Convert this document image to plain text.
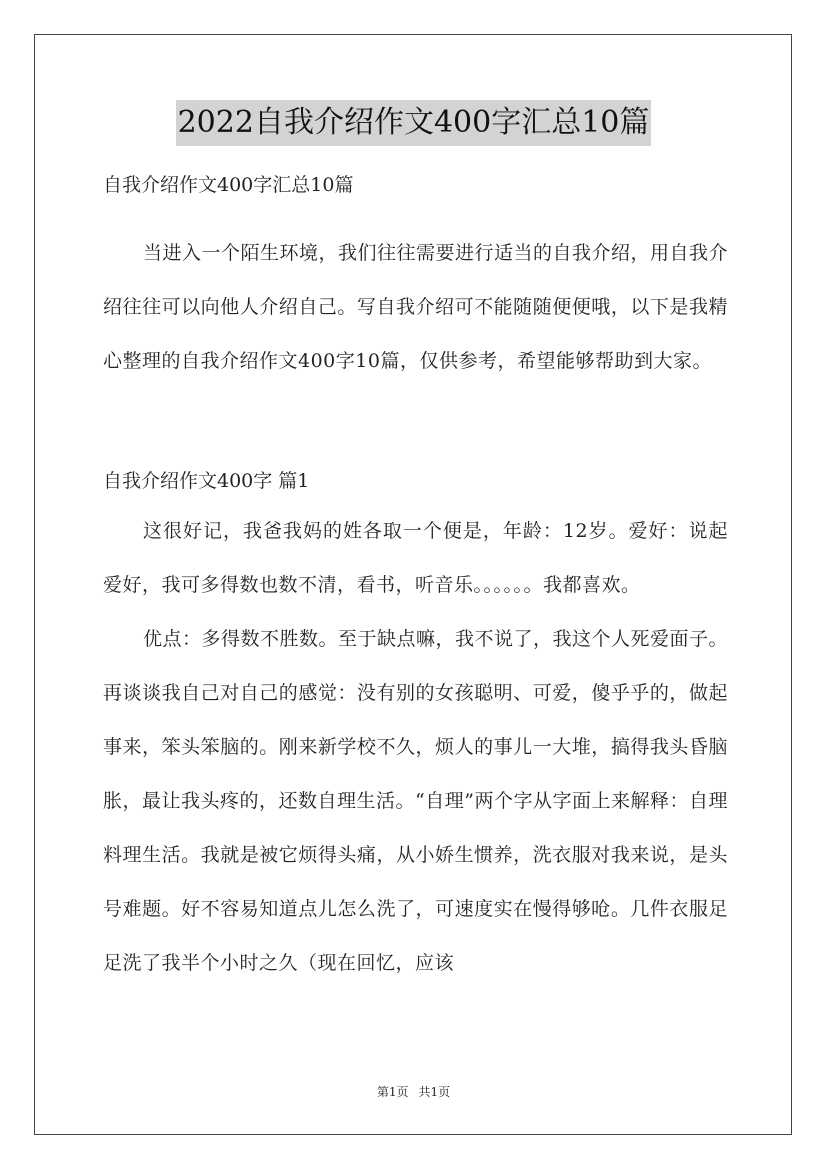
2022自我介绍作文400字汇总10篇

自我介绍作文400字汇总10篇

当进入一个陌生环境，我们往往需要进行适当的自我介绍，用自我介绍往往可以向他人介绍自己。写自我介绍可不能随随便便哦，以下是我精心整理的自我介绍作文400字10篇，仅供参考，希望能够帮助到大家。

自我介绍作文400字 篇1

这很好记，我爸我妈的姓各取一个便是，年龄：12岁。爱好：说起爱好，我可多得数也数不清，看书，听音乐。。。。。。我都喜欢。

优点：多得数不胜数。至于缺点嘛，我不说了，我这个人死爱面子。再谈谈我自己对自己的感觉：没有别的女孩聪明、可爱，傻乎乎的，做起事来，笨头笨脑的。刚来新学校不久，烦人的事儿一大堆，搞得我头昏脑胀，最让我头疼的，还数自理生活。“自理”两个字从字面上来解释：自理料理生活。我就是被它烦得头痛，从小娇生惯养，洗衣服对我来说，是头号难题。好不容易知道点儿怎么洗了，可速度实在慢得够呛。几件衣服足足洗了我半个小时之久（现在回忆，应该

第1页 共1页
